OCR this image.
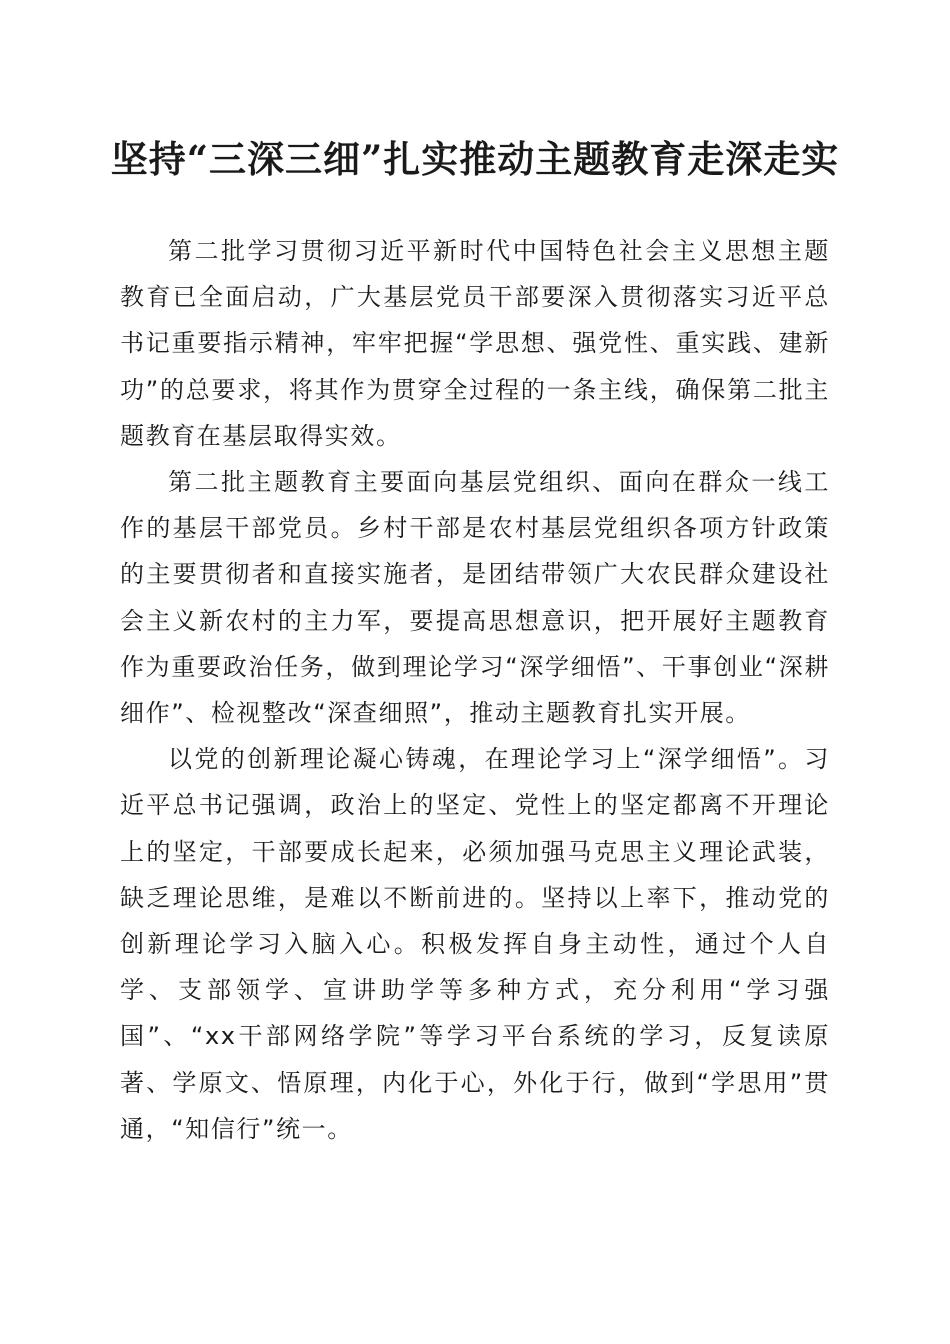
坚持“三深三细”扎实推动主题教育走深走实

第二批学习贯彻习近平新时代中国特色社会主义思想主题教育已全面启动，广大基层党员干部要深入贯彻落实习近平总书记重要指示精神，牢牢把握“学思想、强党性、重实践、建新功”的总要求，将其作为贯穿全过程的一条主线，确保第二批主题教育在基层取得实效。

第二批主题教育主要面向基层党组织、面向在群众一线工作的基层干部党员。乡村干部是农村基层党组织各项方针政策的主要贯彻者和直接实施者，是团结带领广大农民群众建设社会主义新农村的主力军，要提高思想意识，把开展好主题教育作为重要政治任务，做到理论学习“深学细悟”、干事创业“深耕细作”、检视整改“深查细照”，推动主题教育扎实开展。

以党的创新理论凝心铸魂，在理论学习上“深学细悟”。习近平总书记强调，政治上的坚定、党性上的坚定都离不开理论上的坚定，干部要成长起来，必须加强马克思主义理论武装，缺乏理论思维，是难以不断前进的。坚持以上率下，推动党的创新理论学习入脑入心。积极发挥自身主动性，通过个人自学、支部领学、宣讲助学等多种方式，充分利用“学习强国”、“xx干部网络学院”等学习平台系统的学习，反复读原著、学原文、悟原理，内化于心，外化于行，做到“学思用”贯通，“知信行”统一。
